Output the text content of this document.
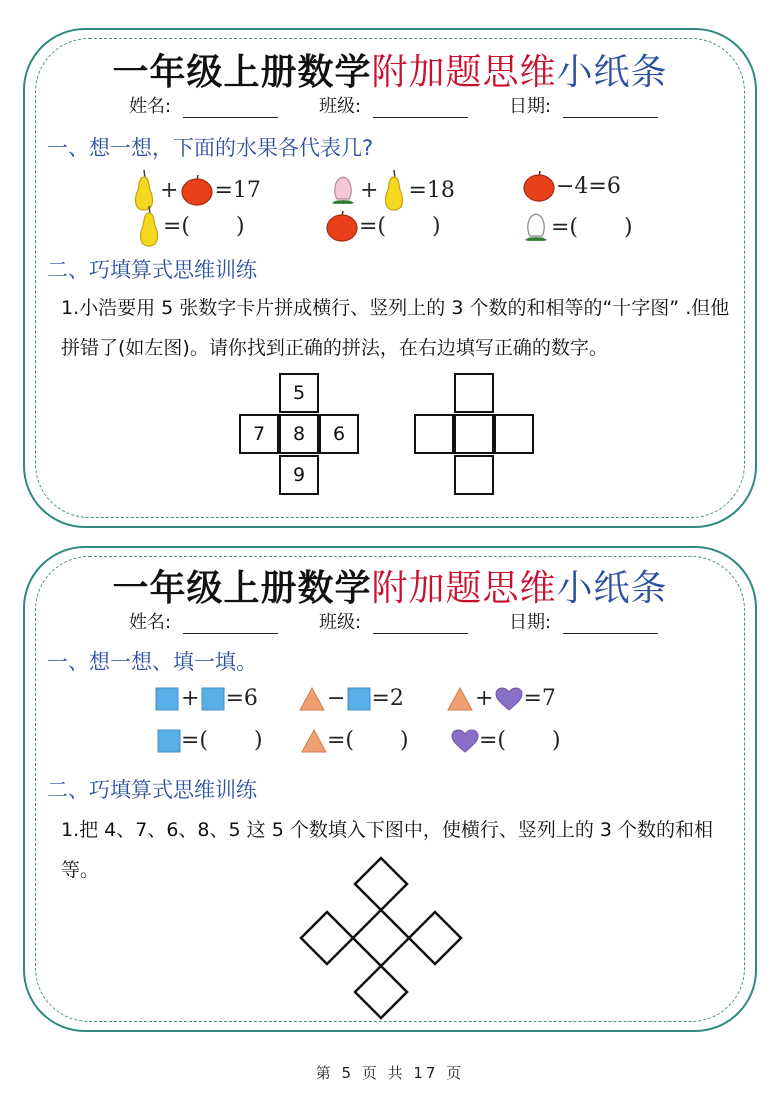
一年级上册数学附加题思维小纸条
姓名:	班级:	日期:
一、想一想，下面的水果各代表几?
+ =17	+ =18	−4=6
=( )	=( )	=( )
二、巧填算式思维训练
1.小浩要用 5 张数字卡片拼成横行、竖列上的 3 个数的和相等的“十字图” .但他拼错了(如左图)。请你找到正确的拼法，在右边填写正确的数字。
5
7	8	6
9
一年级上册数学附加题思维小纸条
姓名:	班级:	日期:
一、想一想、填一填。
+ =6	− =2	+ =7
=( )	=( )	=( )
二、巧填算式思维训练
1.把 4、7、6、8、5 这 5 个数填入下图中，使横行、竖列上的 3 个数的和相等。
第 5 页 共 17 页
